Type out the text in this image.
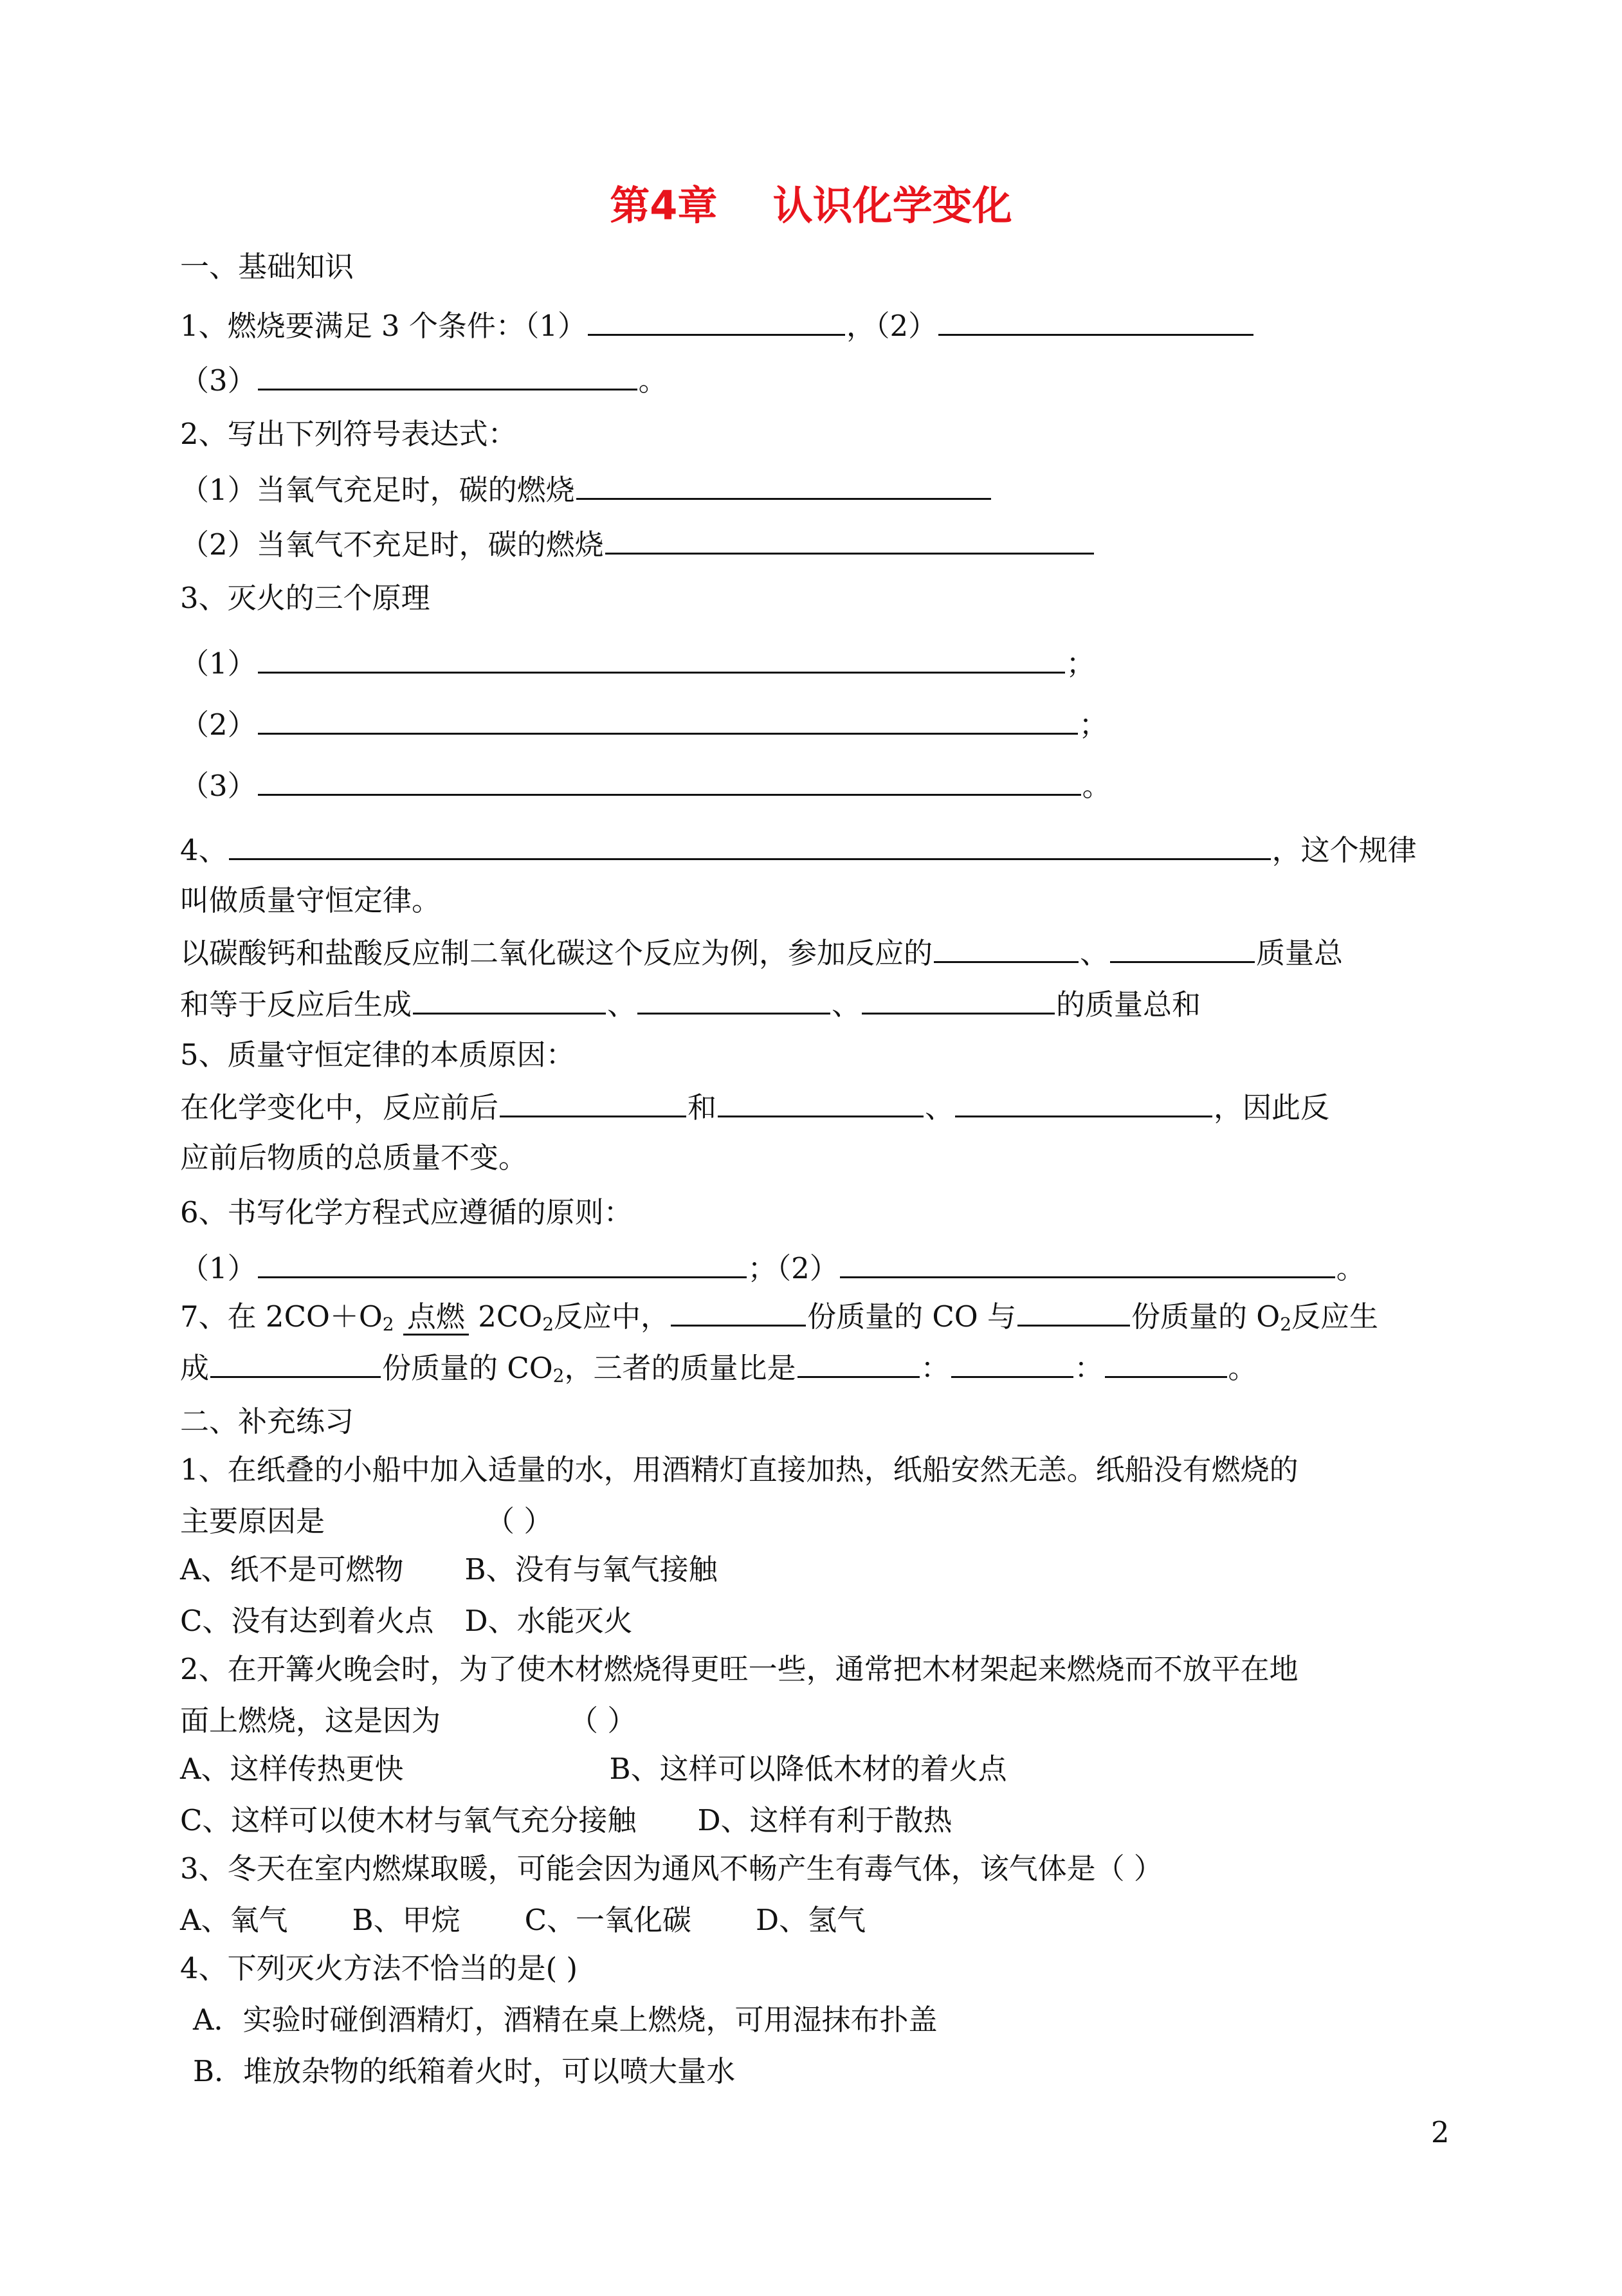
第4章    认识化学变化
一、基础知识
1、燃烧要满足 3 个条件：（1）	，（2）
（3）	。
2、写出下列符号表达式：
（1）当氧气充足时，碳的燃烧
（2）当氧气不充足时，碳的燃烧
3、灭火的三个原理
（1）	；
（2）	；
（3）	。
4、	，这个规律
叫做质量守恒定律。
以碳酸钙和盐酸反应制二氧化碳这个反应为例，参加反应的	、	质量总
和等于反应后生成	、	、	的质量总和
5、质量守恒定律的本质原因：
在化学变化中，反应前后	和	、	，因此反
应前后物质的总质量不变。
6、书写化学方程式应遵循的原则：
（1）	；（2）	。
7、在 $2CO+O_2$ 点燃 $2CO_2$反应中，	份质量的 CO 与	份质量的 $O_2$反应生
成	份质量的 $CO_2$，三者的质量比是	：	：	。
二、补充练习
1、在纸叠的小船中加入适量的水，用酒精灯直接加热，纸船安然无恙。纸船没有燃烧的
主要原因是	（ ）
A、纸不是可燃物 B、没有与氧气接触
C、没有达到着火点 D、水能灭火
2、在开篝火晚会时，为了使木材燃烧得更旺一些，通常把木材架起来燃烧而不放平在地
面上燃烧，这是因为	（ ）
A、这样传热更快	B、这样可以降低木材的着火点
C、这样可以使木材与氧气充分接触 D、这样有利于散热
3、冬天在室内燃煤取暖，可能会因为通风不畅产生有毒气体，该气体是（ ）
A、氧气 B、甲烷 C、一氧化碳 D、氢气
4、下列灭火方法不恰当的是( )
A．实验时碰倒酒精灯，酒精在桌上燃烧，可用湿抹布扑盖
B．堆放杂物的纸箱着火时，可以喷大量水
2
